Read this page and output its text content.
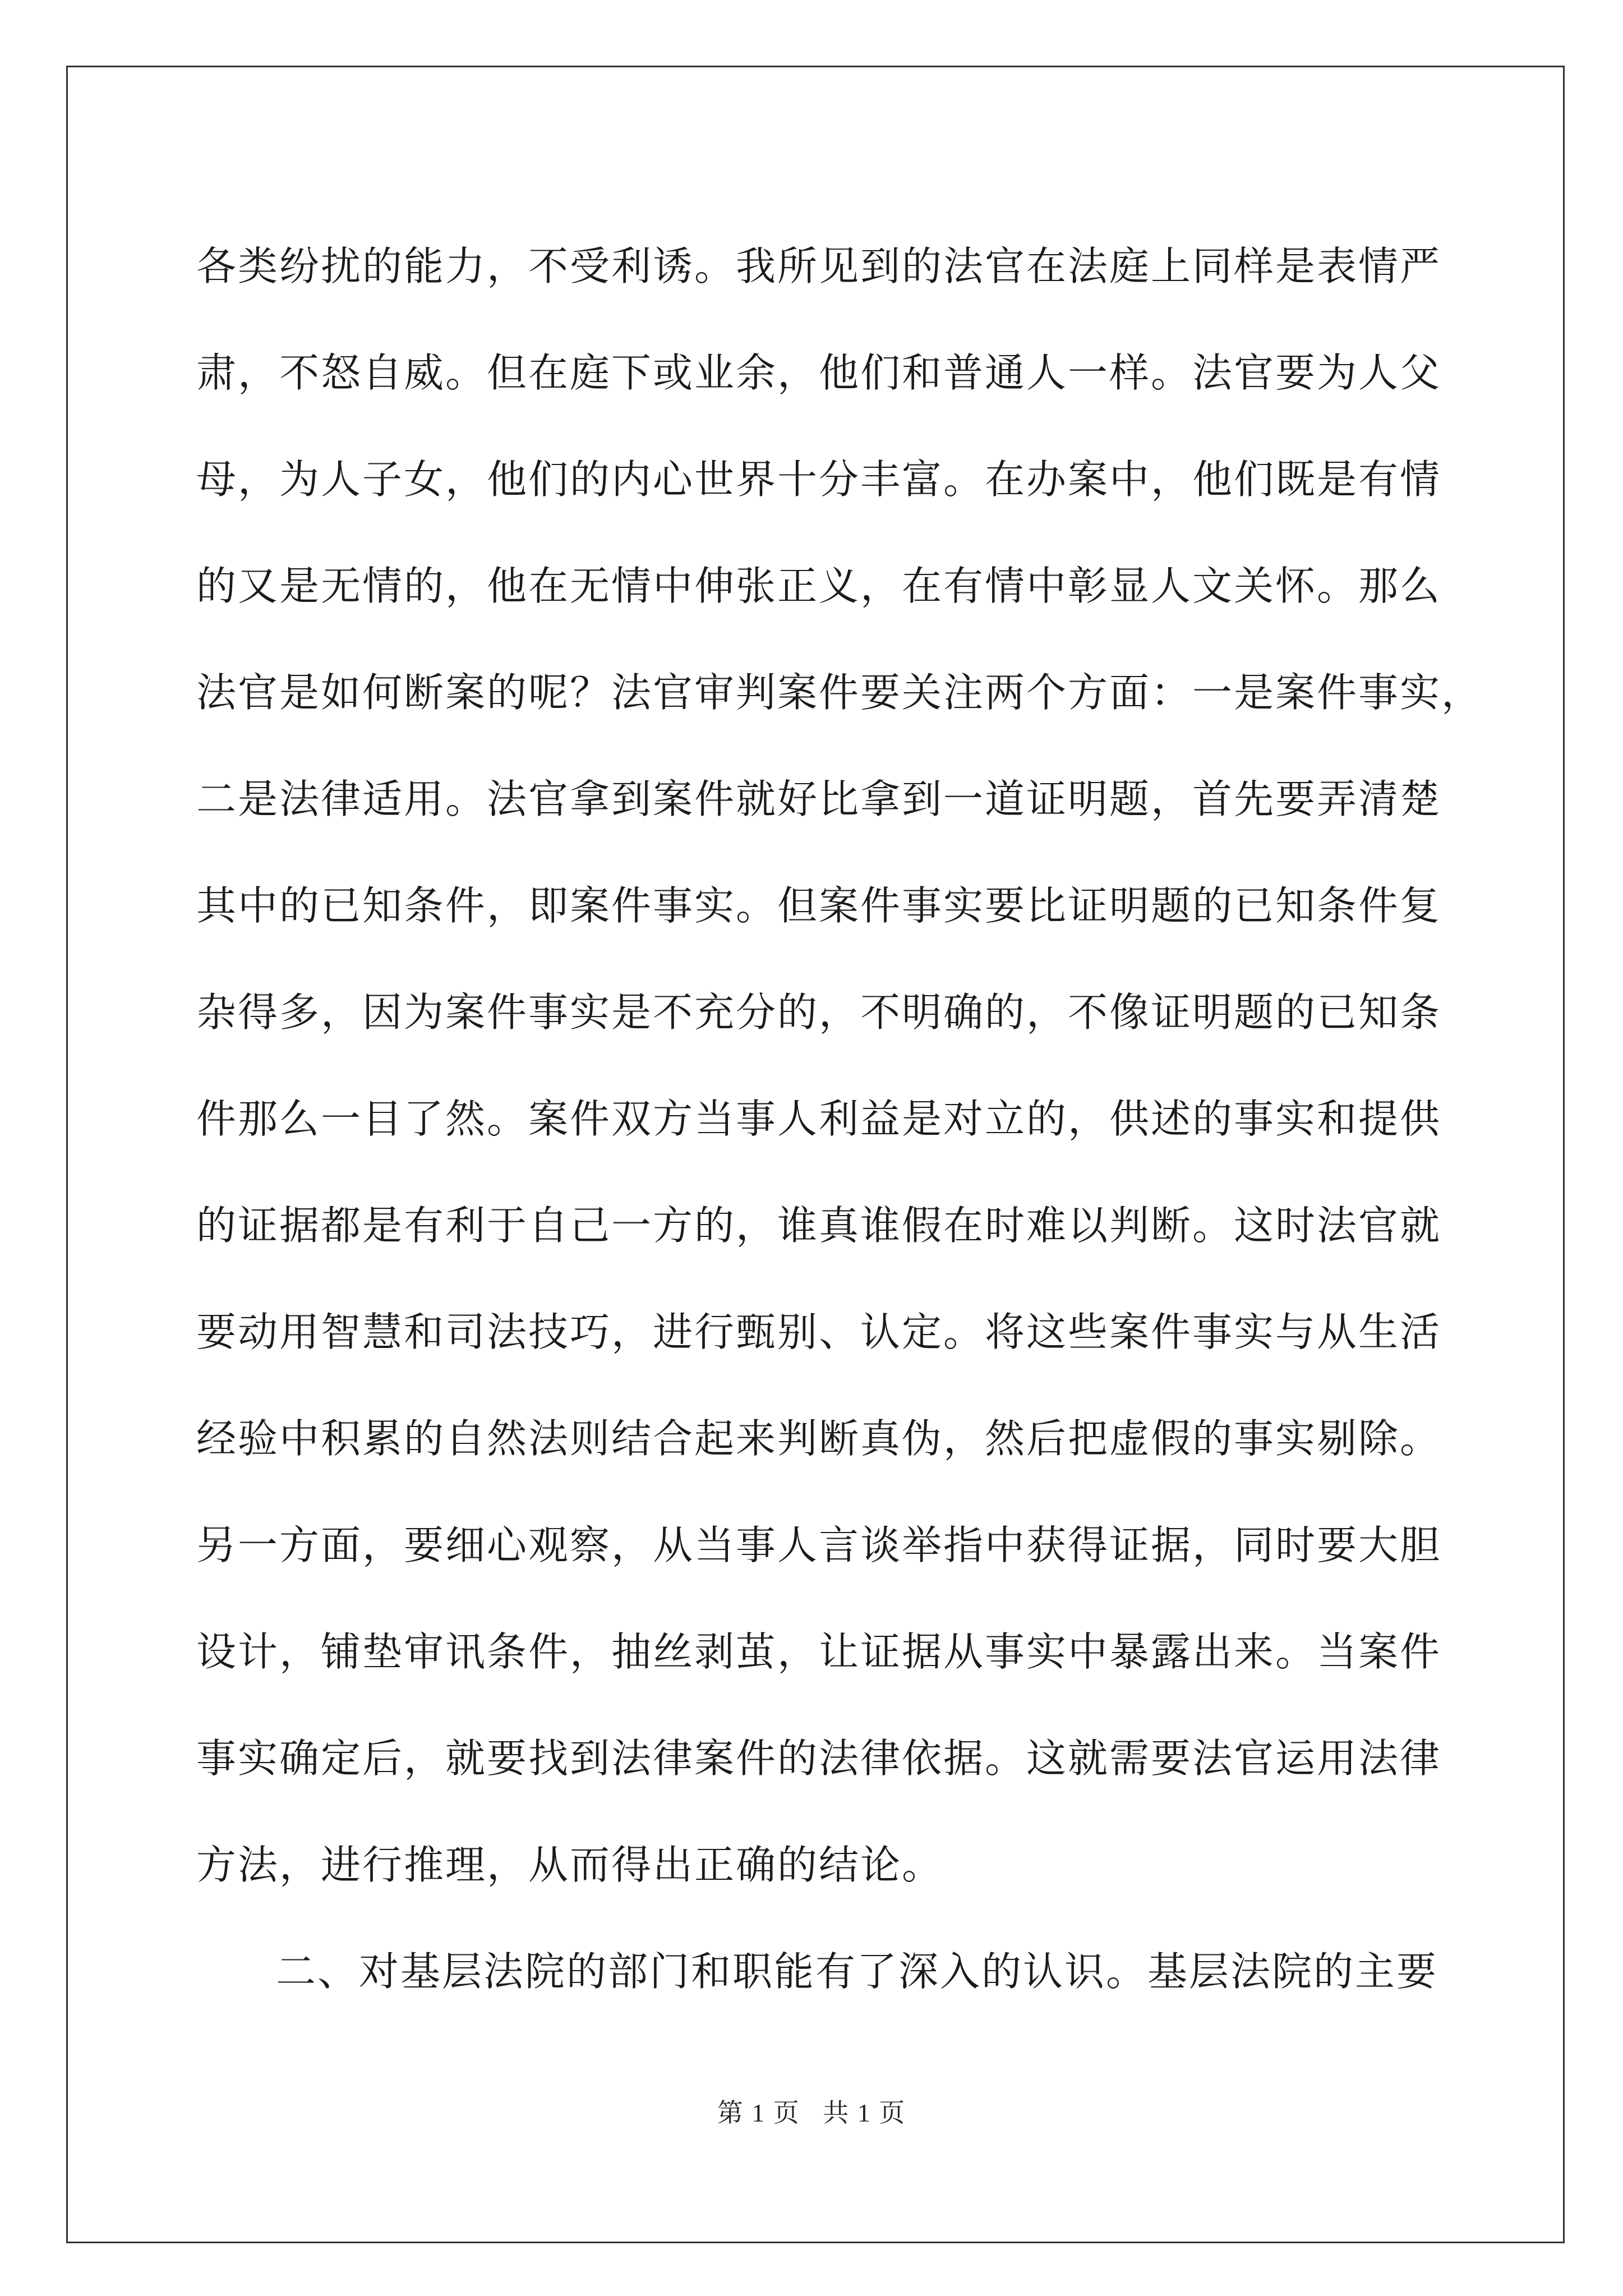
各类纷扰的能力，不受利诱。我所见到的法官在法庭上同样是表情严
肃，不怒自威。但在庭下或业余，他们和普通人一样。法官要为人父
母，为人子女，他们的内心世界十分丰富。在办案中，他们既是有情
的又是无情的，他在无情中伸张正义，在有情中彰显人文关怀。那么
法官是如何断案的呢？法官审判案件要关注两个方面：一是案件事实，
二是法律适用。法官拿到案件就好比拿到一道证明题，首先要弄清楚
其中的已知条件，即案件事实。但案件事实要比证明题的已知条件复
杂得多，因为案件事实是不充分的，不明确的，不像证明题的已知条
件那么一目了然。案件双方当事人利益是对立的，供述的事实和提供
的证据都是有利于自己一方的，谁真谁假在时难以判断。这时法官就
要动用智慧和司法技巧，进行甄别、认定。将这些案件事实与从生活
经验中积累的自然法则结合起来判断真伪，然后把虚假的事实剔除。
另一方面，要细心观察，从当事人言谈举指中获得证据，同时要大胆
设计，铺垫审讯条件，抽丝剥茧，让证据从事实中暴露出来。当案件
事实确定后，就要找到法律案件的法律依据。这就需要法官运用法律
方法，进行推理，从而得出正确的结论。
二、对基层法院的部门和职能有了深入的认识。基层法院的主要
第 1 页   共 1 页
